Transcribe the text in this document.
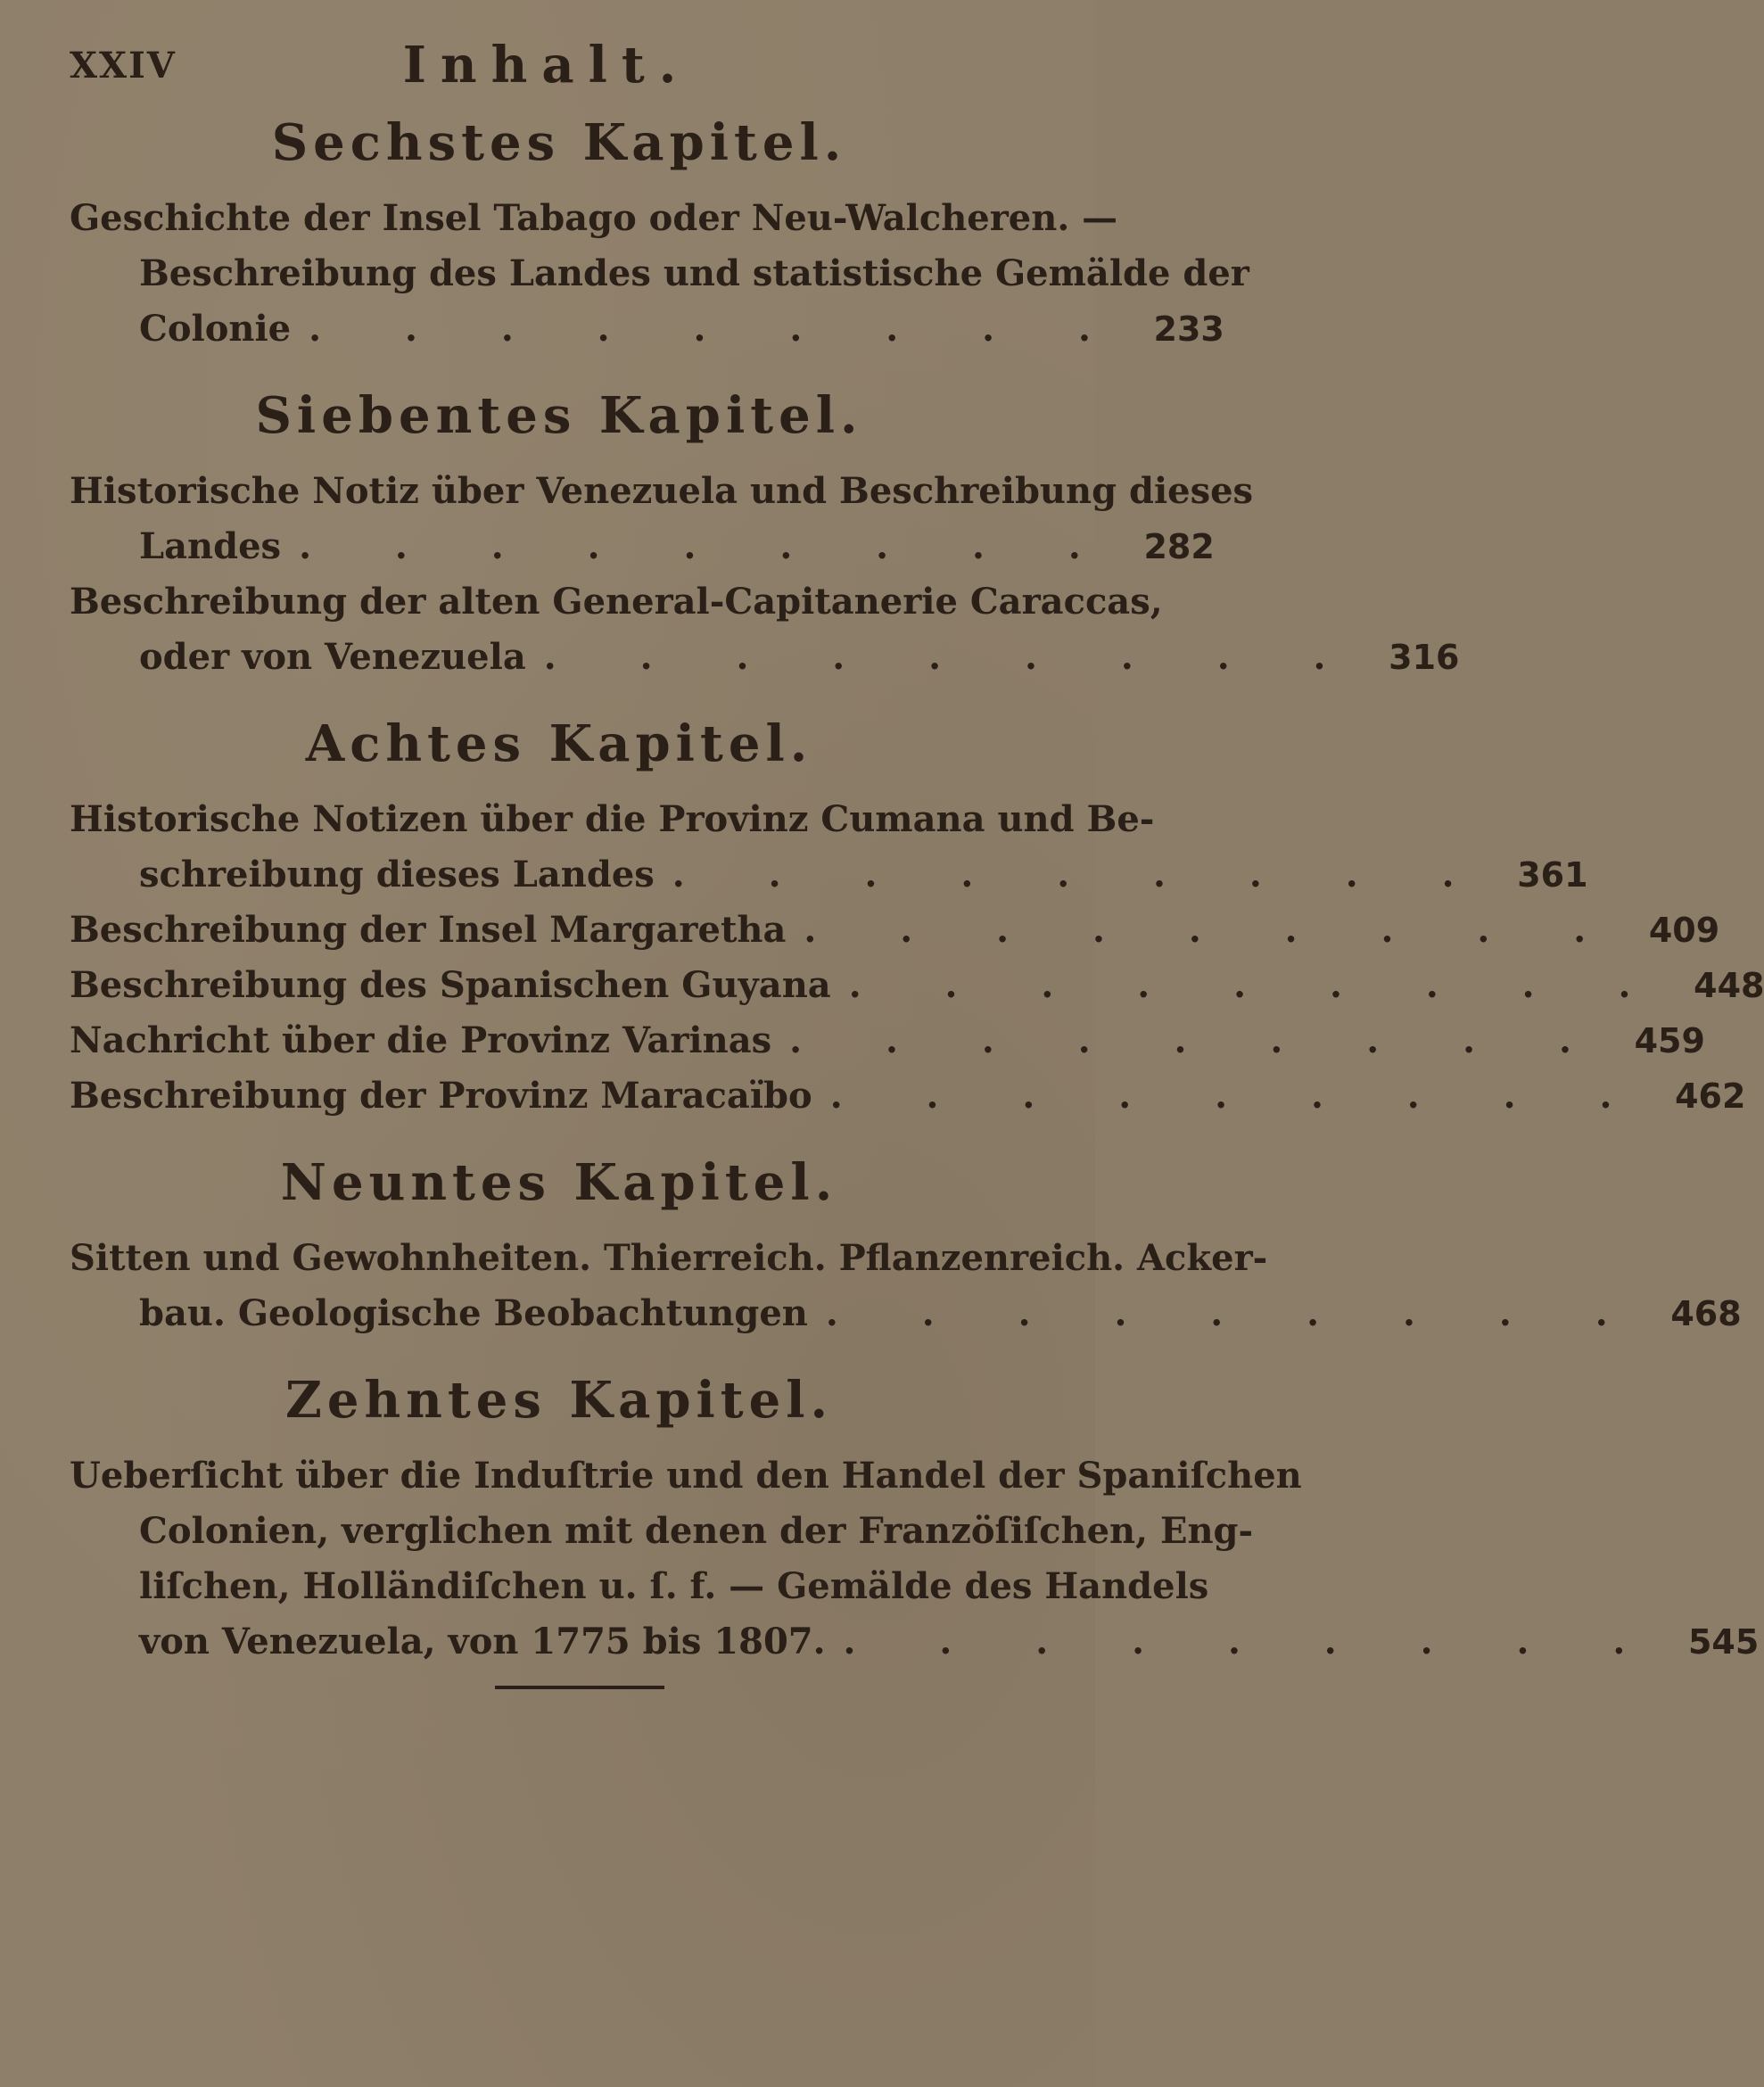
XXIV	Inhalt.
Sechstes Kapitel.
Geschichte der Insel Tabago oder Neu-Walcheren. —
Beschreibung des Landes und statistische Gemälde der
Colonie . . . . . . . . . 233
Siebentes Kapitel.
Historische Notiz über Venezuela und Beschreibung dieses
Landes . . . . . . . . . 282
Beschreibung der alten General-Capitanerie Caraccas,
oder von Venezuela . . . . . . . . . 316
Achtes Kapitel.
Historische Notizen über die Provinz Cumana und Be-
schreibung dieses Landes . . . . . . . . . 361
Beschreibung der Insel Margaretha . . . . . . . . . 409
Beschreibung des Spanischen Guyana . . . . . . . . . 448
Nachricht über die Provinz Varinas . . . . . . . . . 459
Beschreibung der Provinz Maracaïbo . . . . . . . . . 462
Neuntes Kapitel.
Sitten und Gewohnheiten. Thierreich. Pflanzenreich. Acker-
bau. Geologische Beobachtungen . . . . . . . . . 468
Zehntes Kapitel.
Ueberſicht über die Induſtrie und den Handel der Spaniſchen
Colonien, verglichen mit denen der Franzöſiſchen, Eng-
liſchen, Holländiſchen u. ſ. f. — Gemälde des Handels
von Venezuela, von 1775 bis 1807. . . . . . . . . . 545
